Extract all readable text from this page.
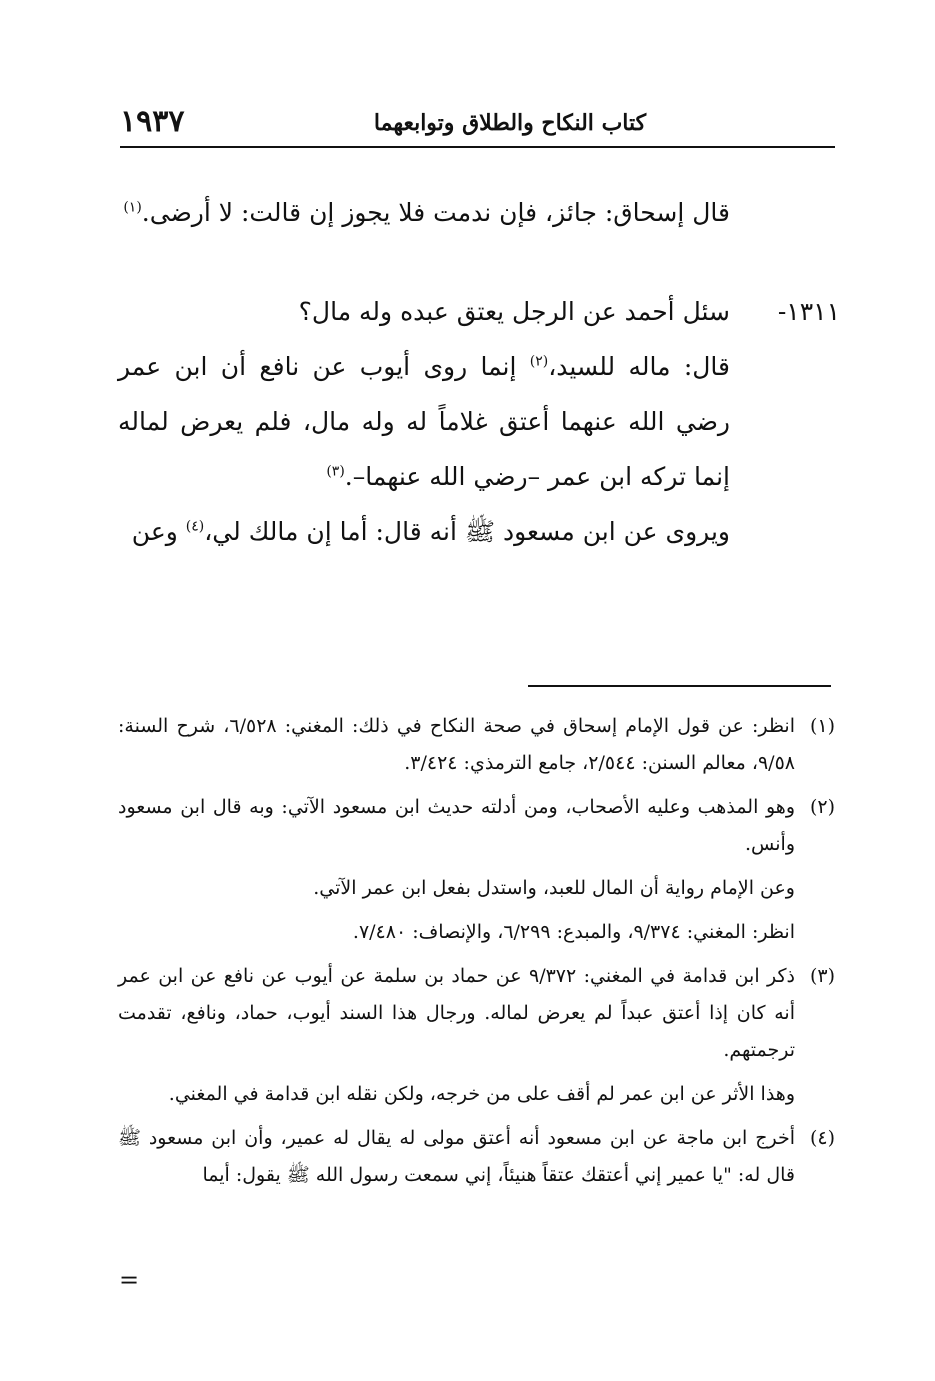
١٩٣٧	كتاب النكاح والطلاق وتوابعهما

قال إسحاق: جائز، فإن ندمت فلا يجوز إن قالت: لا أرضى.$^{(١)}$

١٣١١-
سئل أحمد عن الرجل يعتق عبده وله مال؟

قال: ماله للسيد،$^{(٢)}$ إنما روى أيوب عن نافع أن ابن عمر رضي الله عنهما أعتق غلاماً له وله مال، فلم يعرض لماله إنما تركه ابن عمر –رضي الله عنهما–.$^{(٣)}$

ويروى عن ابن مسعود ﷺ أنه قال: أما إن مالك لي،$^{(٤)}$ وعن

(١)
انظر: عن قول الإمام إسحاق في صحة النكاح في ذلك: المغني: ٦/٥٢٨، شرح السنة: ٩/٥٨، معالم السنن: ٢/٥٤٤، جامع الترمذي: ٣/٤٢٤.

(٢)
وهو المذهب وعليه الأصحاب، ومن أدلته حديث ابن مسعود الآتي: وبه قال ابن مسعود وأنس.

وعن الإمام رواية أن المال للعبد، واستدل بفعل ابن عمر الآتي.

انظر: المغني: ٩/٣٧٤، والمبدع: ٦/٢٩٩، والإنصاف: ٧/٤٨٠.

(٣)
ذكر ابن قدامة في المغني: ٩/٣٧٢ عن حماد بن سلمة عن أيوب عن نافع عن ابن عمر أنه كان إذا أعتق عبداً لم يعرض لماله. ورجال هذا السند أيوب، حماد، ونافع، تقدمت ترجمتهم.

وهذا الأثر عن ابن عمر لم أقف على من خرجه، ولكن نقله ابن قدامة في المغني.

(٤)
أخرج ابن ماجة عن ابن مسعود أنه أعتق مولى له يقال له عمير، وأن ابن مسعود ﷺ قال له: "يا عمير إني أعتقك عتقاً هنيئاً، إني سمعت رسول الله ﷺ يقول: أيما

=
